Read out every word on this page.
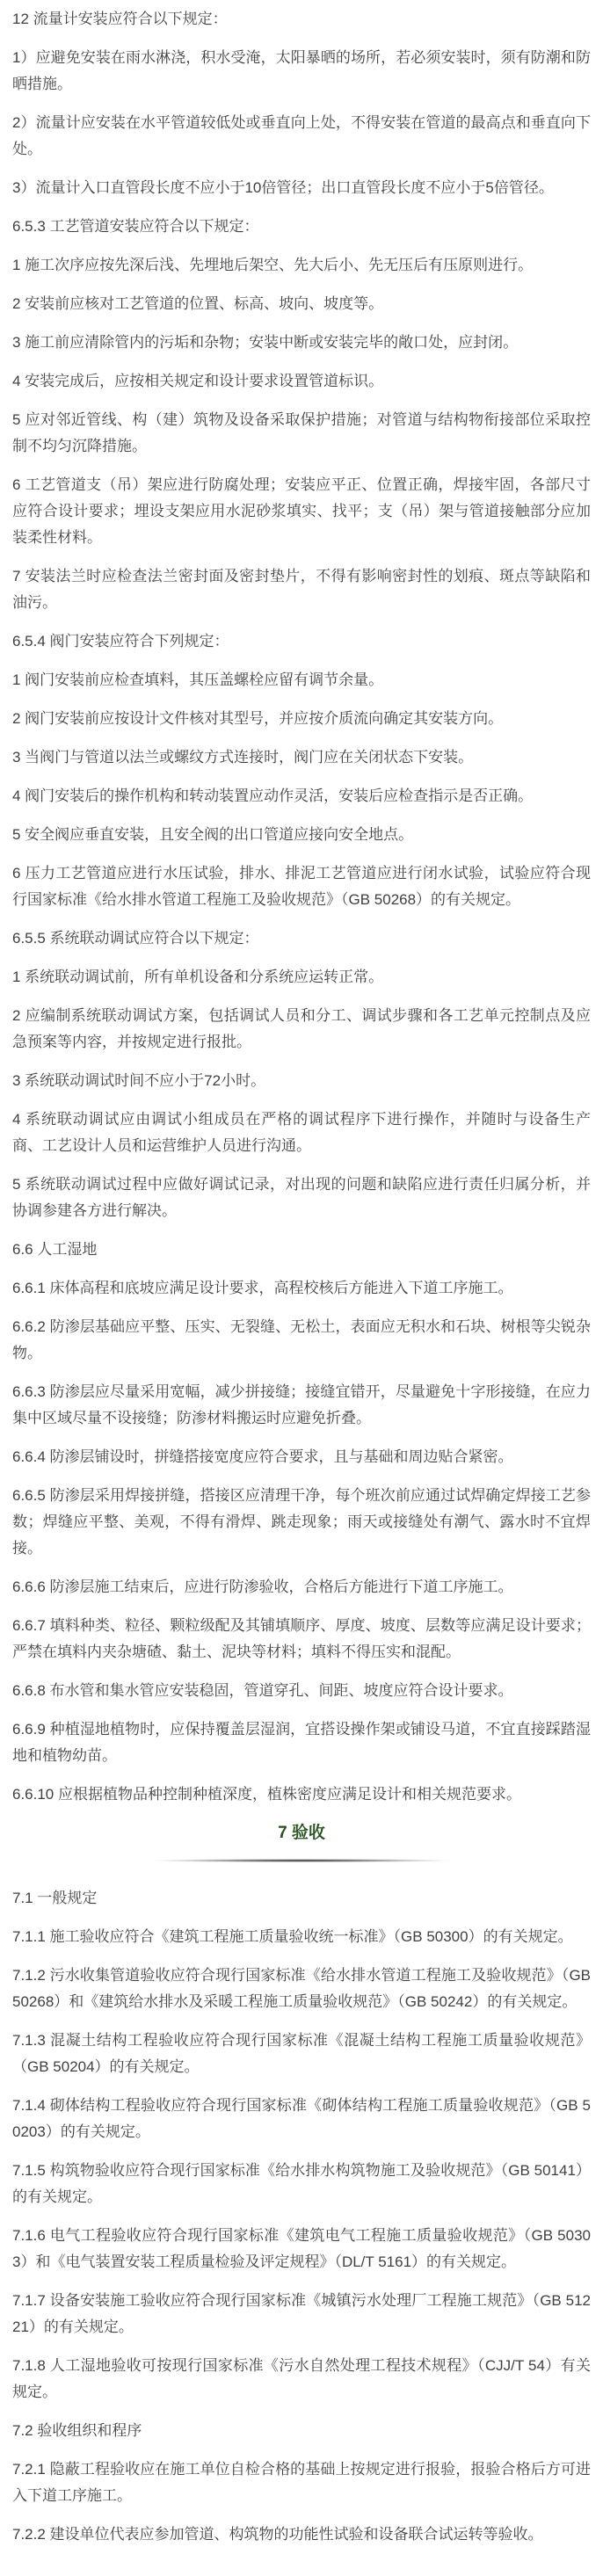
12 流量计安装应符合以下规定：

1）应避免安装在雨水淋浇，积水受淹，太阳暴晒的场所，若必须安装时，须有防潮和防晒措施。

2）流量计应安装在水平管道较低处或垂直向上处，不得安装在管道的最高点和垂直向下处。

3）流量计入口直管段长度不应小于10倍管径；出口直管段长度不应小于5倍管径。

6.5.3 工艺管道安装应符合以下规定：

1 施工次序应按先深后浅、先埋地后架空、先大后小、先无压后有压原则进行。

2 安装前应核对工艺管道的位置、标高、坡向、坡度等。

3 施工前应清除管内的污垢和杂物；安装中断或安装完毕的敞口处，应封闭。

4 安装完成后，应按相关规定和设计要求设置管道标识。

5 应对邻近管线、构（建）筑物及设备采取保护措施；对管道与结构物衔接部位采取控制不均匀沉降措施。

6 工艺管道支（吊）架应进行防腐处理；安装应平正、位置正确，焊接牢固，各部尺寸应符合设计要求；埋设支架应用水泥砂浆填实、找平；支（吊）架与管道接触部分应加装柔性材料。

7 安装法兰时应检查法兰密封面及密封垫片，不得有影响密封性的划痕、斑点等缺陷和油污。

6.5.4 阀门安装应符合下列规定：

1 阀门安装前应检查填料，其压盖螺栓应留有调节余量。

2 阀门安装前应按设计文件核对其型号，并应按介质流向确定其安装方向。

3 当阀门与管道以法兰或螺纹方式连接时，阀门应在关闭状态下安装。

4 阀门安装后的操作机构和转动装置应动作灵活，安装后应检查指示是否正确。

5 安全阀应垂直安装，且安全阀的出口管道应接向安全地点。

6 压力工艺管道应进行水压试验，排水、排泥工艺管道应进行闭水试验，试验应符合现行国家标准《给水排水管道工程施工及验收规范》（GB 50268）的有关规定。

6.5.5 系统联动调试应符合以下规定：

1 系统联动调试前，所有单机设备和分系统应运转正常。

2 应编制系统联动调试方案，包括调试人员和分工、调试步骤和各工艺单元控制点及应急预案等内容，并按规定进行报批。

3 系统联动调试时间不应小于72小时。

4 系统联动调试应由调试小组成员在严格的调试程序下进行操作，并随时与设备生产商、工艺设计人员和运营维护人员进行沟通。

5 系统联动调试过程中应做好调试记录，对出现的问题和缺陷应进行责任归属分析，并协调参建各方进行解决。

6.6 人工湿地

6.6.1 床体高程和底坡应满足设计要求，高程校核后方能进入下道工序施工。

6.6.2 防渗层基础应平整、压实、无裂缝、无松土，表面应无积水和石块、树根等尖锐杂物。

6.6.3 防渗层应尽量采用宽幅，减少拼接缝；接缝宜错开，尽量避免十字形接缝，在应力集中区域尽量不设接缝；防渗材料搬运时应避免折叠。

6.6.4 防渗层铺设时，拼缝搭接宽度应符合要求，且与基础和周边贴合紧密。

6.6.5 防渗层采用焊接拼缝，搭接区应清理干净，每个班次前应通过试焊确定焊接工艺参数；焊缝应平整、美观，不得有滑焊、跳走现象；雨天或接缝处有潮气、露水时不宜焊接。

6.6.6 防渗层施工结束后，应进行防渗验收，合格后方能进行下道工序施工。

6.6.7 填料种类、粒径、颗粒级配及其铺填顺序、厚度、坡度、层数等应满足设计要求；严禁在填料内夹杂塘碴、黏土、泥块等材料；填料不得压实和混配。

6.6.8 布水管和集水管应安装稳固，管道穿孔、间距、坡度应符合设计要求。

6.6.9 种植湿地植物时，应保持覆盖层湿润，宜搭设操作架或铺设马道，不宜直接踩踏湿地和植物幼苗。

6.6.10 应根据植物品种控制种植深度，植株密度应满足设计和相关规范要求。

7 验收

7.1 一般规定

7.1.1 施工验收应符合《建筑工程施工质量验收统一标准》（GB 50300）的有关规定。

7.1.2 污水收集管道验收应符合现行国家标准《给水排水管道工程施工及验收规范》（GB 50268）和《建筑给水排水及采暖工程施工质量验收规范》（GB 50242）的有关规定。

7.1.3 混凝土结构工程验收应符合现行国家标准《混凝土结构工程施工质量验收规范》（GB 50204）的有关规定。

7.1.4 砌体结构工程验收应符合现行国家标准《砌体结构工程施工质量验收规范》（GB 50203）的有关规定。

7.1.5 构筑物验收应符合现行国家标准《给水排水构筑物施工及验收规范》（GB 50141）的有关规定。

7.1.6 电气工程验收应符合现行国家标准《建筑电气工程施工质量验收规范》（GB 50303）和《电气装置安装工程质量检验及评定规程》（DL/T 5161）的有关规定。

7.1.7 设备安装施工验收应符合现行国家标准《城镇污水处理厂工程施工规范》（GB 51221）的有关规定。

7.1.8 人工湿地验收可按现行国家标准《污水自然处理工程技术规程》（CJJ/T 54）有关规定。

7.2 验收组织和程序

7.2.1 隐蔽工程验收应在施工单位自检合格的基础上按规定进行报验，报验合格后方可进入下道工序施工。

7.2.2 建设单位代表应参加管道、构筑物的功能性试验和设备联合试运转等验收。
